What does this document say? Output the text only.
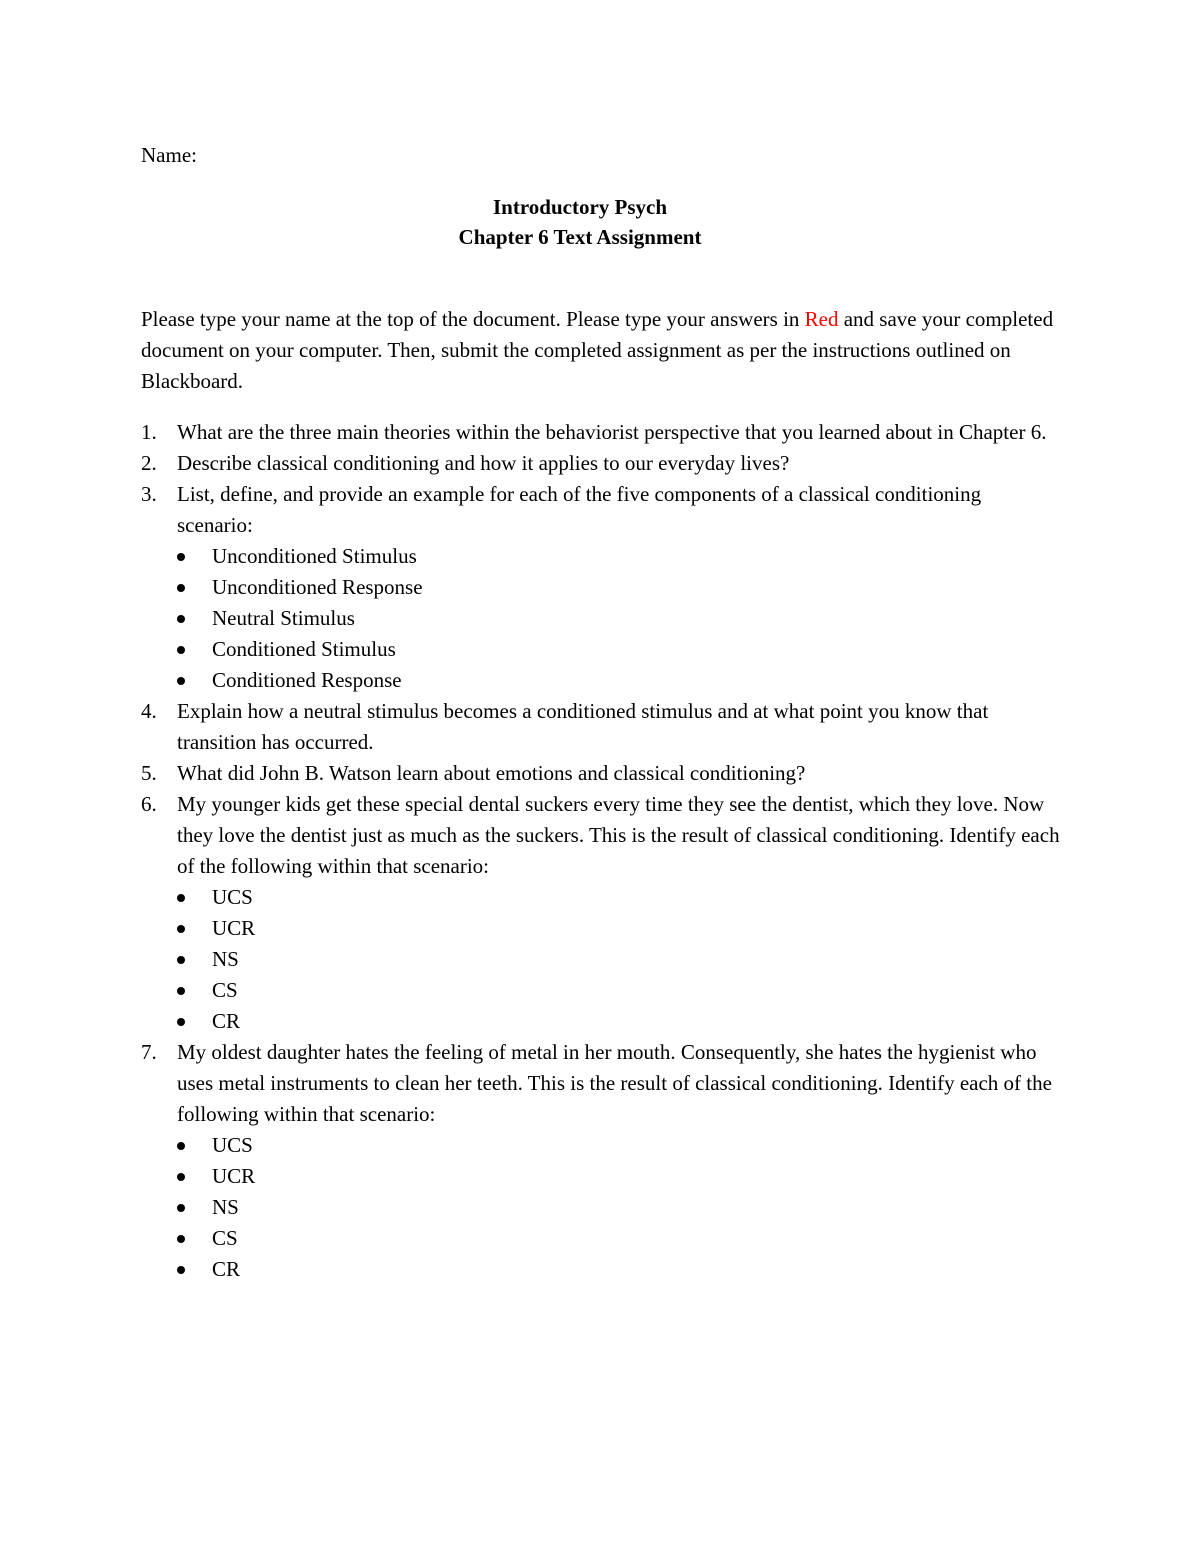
Name:

Introductory Psych
Chapter 6 Text Assignment
Please type your name at the top of the document. Please type your answers in Red and save your completed document on your computer. Then, submit the completed assignment as per the instructions outlined on Blackboard.
1. What are the three main theories within the behaviorist perspective that you learned about in Chapter 6.
2. Describe classical conditioning and how it applies to our everyday lives?
3. List, define, and provide an example for each of the five components of a classical conditioning scenario:
Unconditioned Stimulus
Unconditioned Response
Neutral Stimulus
Conditioned Stimulus
Conditioned Response
4. Explain how a neutral stimulus becomes a conditioned stimulus and at what point you know that transition has occurred.
5. What did John B. Watson learn about emotions and classical conditioning?
6. My younger kids get these special dental suckers every time they see the dentist, which they love. Now they love the dentist just as much as the suckers. This is the result of classical conditioning. Identify each of the following within that scenario:
UCS
UCR
NS
CS
CR
7. My oldest daughter hates the feeling of metal in her mouth. Consequently, she hates the hygienist who uses metal instruments to clean her teeth. This is the result of classical conditioning. Identify each of the following within that scenario:
UCS
UCR
NS
CS
CR
